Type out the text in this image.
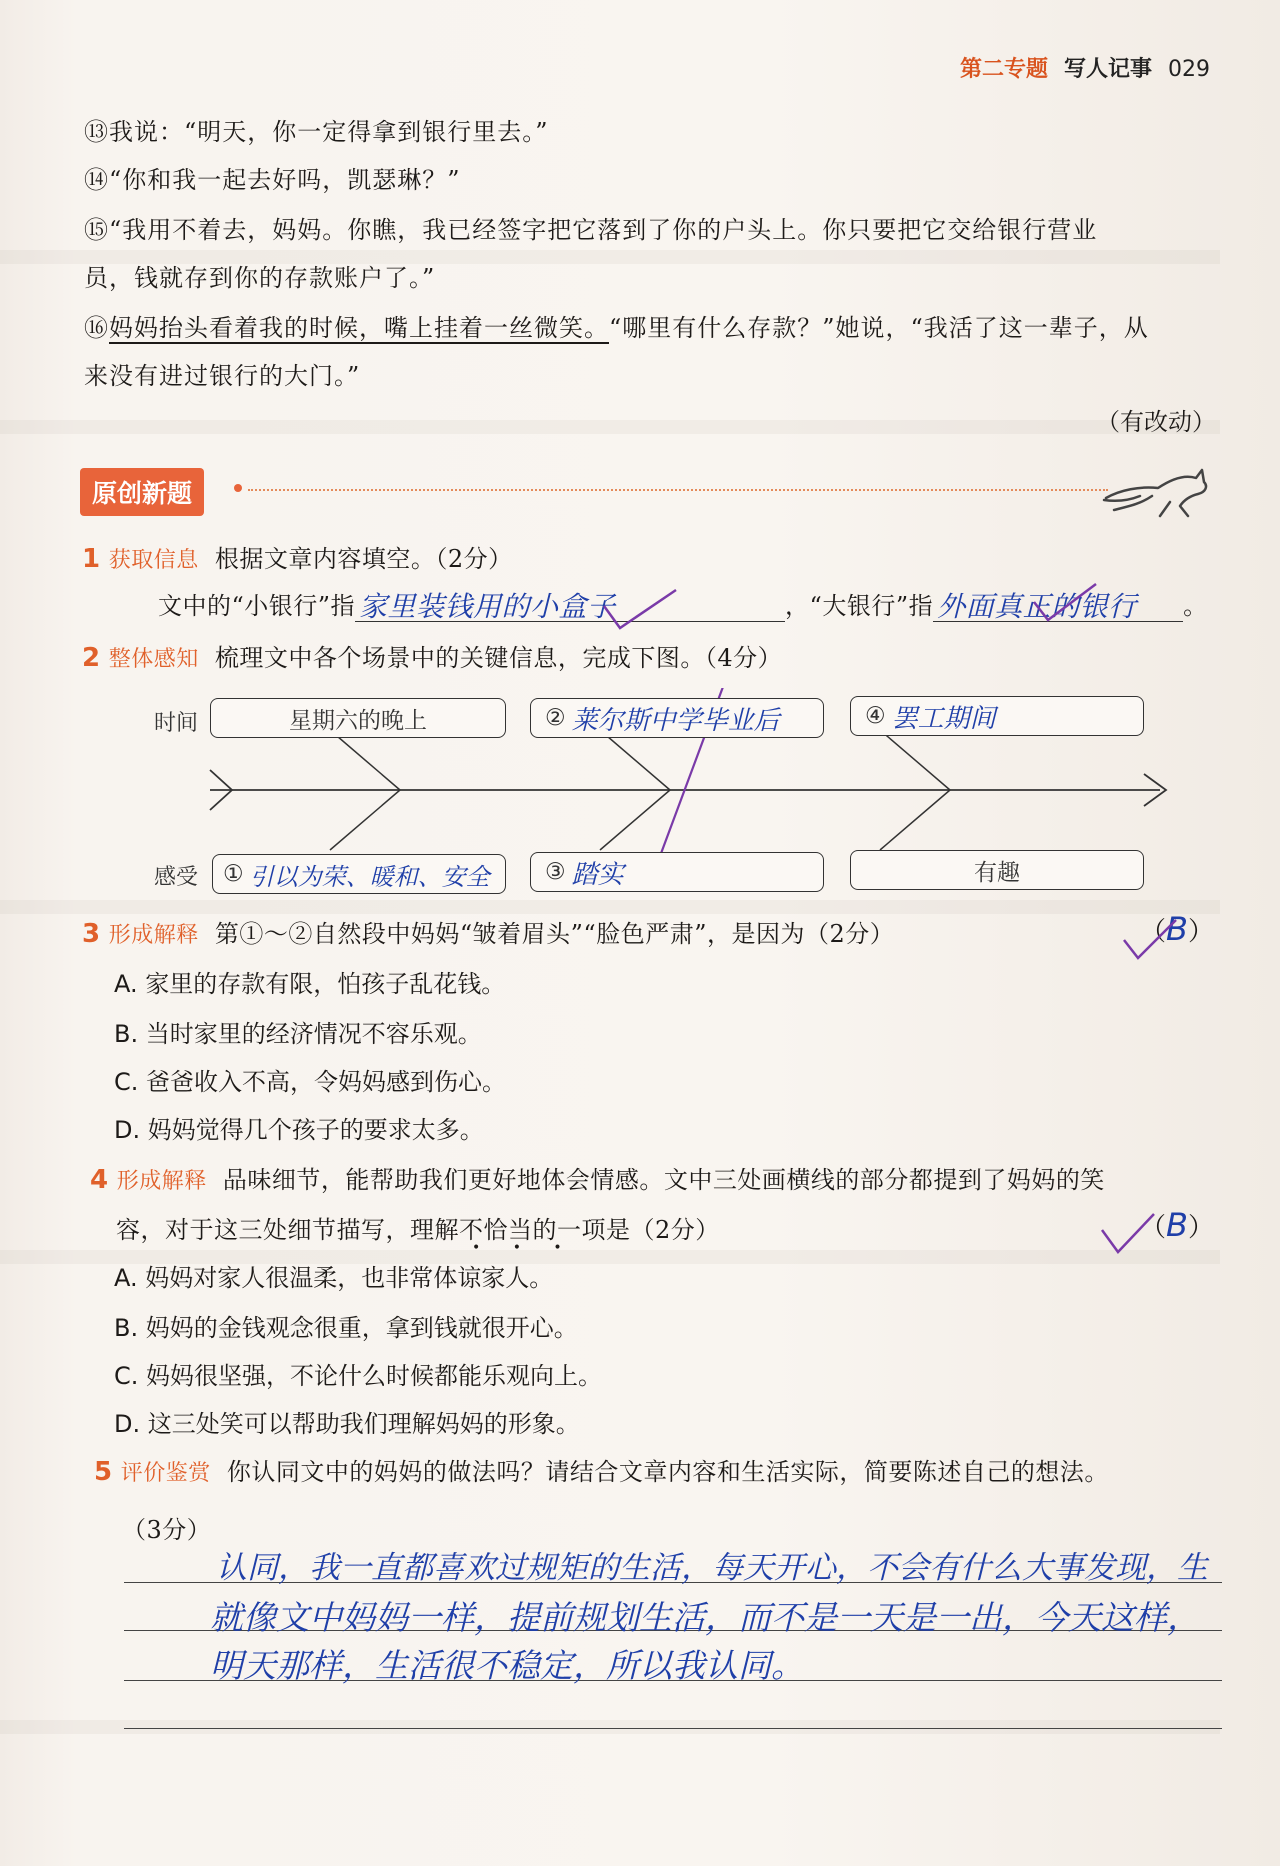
第二专题 写人记事 029
⑬我说：“明天，你一定得拿到银行里去。”
⑭“你和我一起去好吗，凯瑟琳？”
⑮“我用不着去，妈妈。你瞧，我已经签字把它落到了你的户头上。你只要把它交给银行营业
员，钱就存到你的存款账户了。”
⑯妈妈抬头看着我的时候，嘴上挂着一丝微笑。“哪里有什么存款？”她说，“我活了这一辈子，从
来没有进过银行的大门。”
（有改动）
原创新题
1 获取信息 根据文章内容填空。（2分）
文中的“小银行”指 家里装钱用的小盒子	，“大银行”指 外面真正的银行 。
2 整体感知 梳理文中各个场景中的关键信息，完成下图。（4分）
时间
感受
星期六的晚上	② 莱尔斯中学毕业后	④ 罢工期间
① 引以为荣、暖和、安全 ③ 踏实	有趣
3 形成解释 第①～②自然段中妈妈“皱着眉头”“脸色严肃”，是因为（2分）	（B）
A. 家里的存款有限，怕孩子乱花钱。
B. 当时家里的经济情况不容乐观。
C. 爸爸收入不高，令妈妈感到伤心。
D. 妈妈觉得几个孩子的要求太多。
4 形成解释 品味细节，能帮助我们更好地体会情感。文中三处画横线的部分都提到了妈妈的笑
容，对于这三处细节描写，理解不恰当的一项是（2分）
• • •
（B）
A. 妈妈对家人很温柔，也非常体谅家人。
B. 妈妈的金钱观念很重，拿到钱就很开心。
C. 妈妈很坚强，不论什么时候都能乐观向上。
D. 这三处笑可以帮助我们理解妈妈的形象。
5 评价鉴赏 你认同文中的妈妈的做法吗？请结合文章内容和生活实际，简要陈述自己的想法。
（3分）
认同，我一直都喜欢过规矩的生活，每天开心，不会有什么大事发现，生
就像文中妈妈一样，提前规划生活，而不是一天是一出，今天这样，
明天那样，生活很不稳定，所以我认同。
